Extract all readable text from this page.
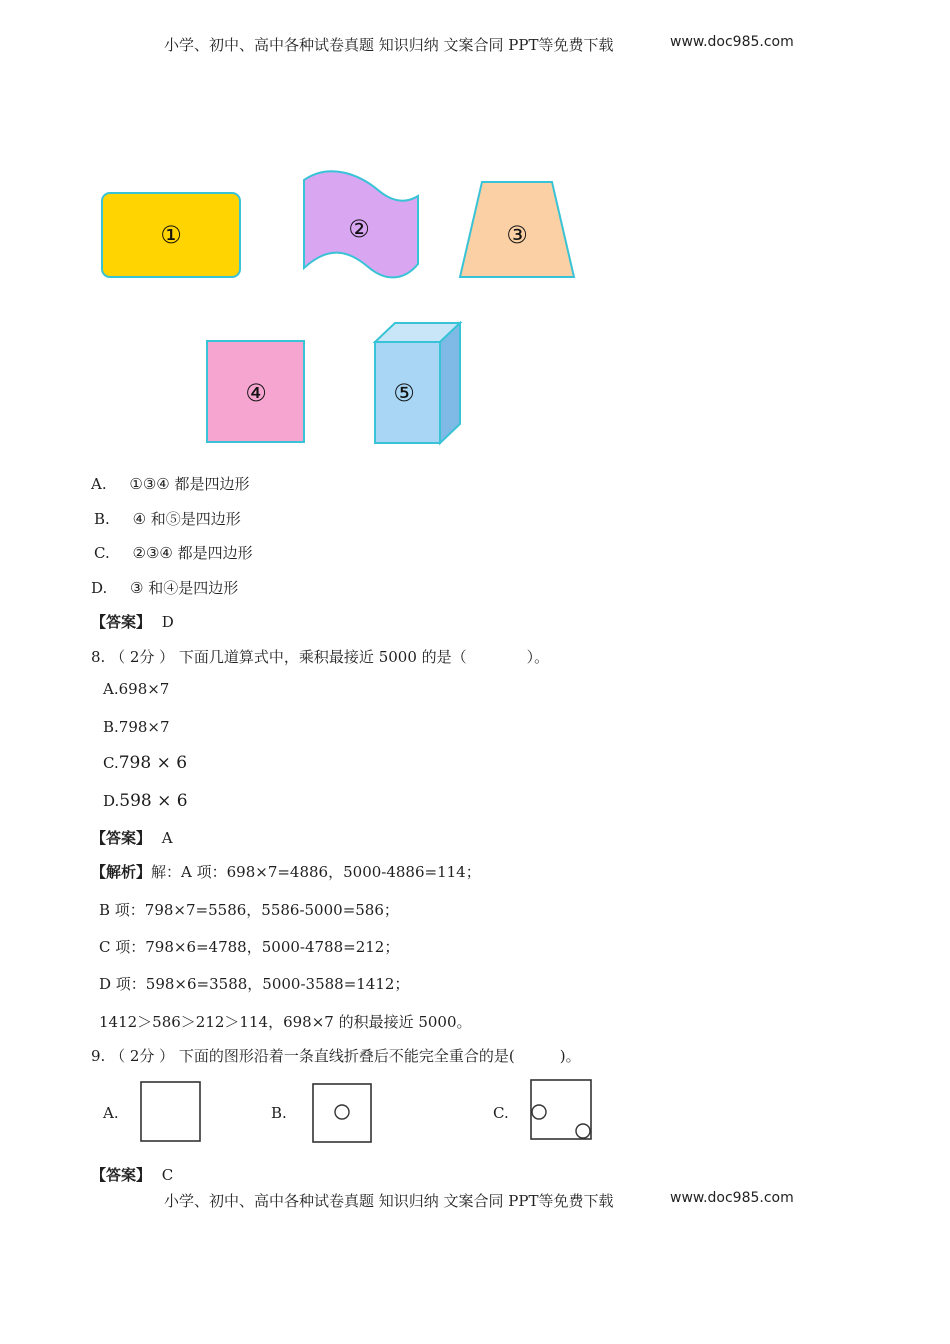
小学、初中、高中各种试卷真题 知识归纳 文案合同 PPT等免费下载	www.doc985.com
①	②	③
④	⑤
A. ①③④ 都是四边形
B. ④ 和⑤是四边形
C. ②③④ 都是四边形
D. ③ 和④是四边形
【答案】 D
8. （ 2分 ） 下面几道算式中，乘积最接近 5000 的是（　　　　）。
A.698×7
B.798×7
C.798 × 6
D.598 × 6
【答案】 A
【解析】解：A 项：698×7=4886，5000-4886=114；
B 项：798×7=5586，5586-5000=586；
C 项：798×6=4788，5000-4788=212；
D 项：598×6=3588，5000-3588=1412；
1412＞586＞212＞114，698×7 的积最接近 5000。
9. （ 2分 ） 下面的图形沿着一条直线折叠后不能完全重合的是(　　　)。
A.	B.	C.
【答案】 C
小学、初中、高中各种试卷真题 知识归纳 文案合同 PPT等免费下载	www.doc985.com
